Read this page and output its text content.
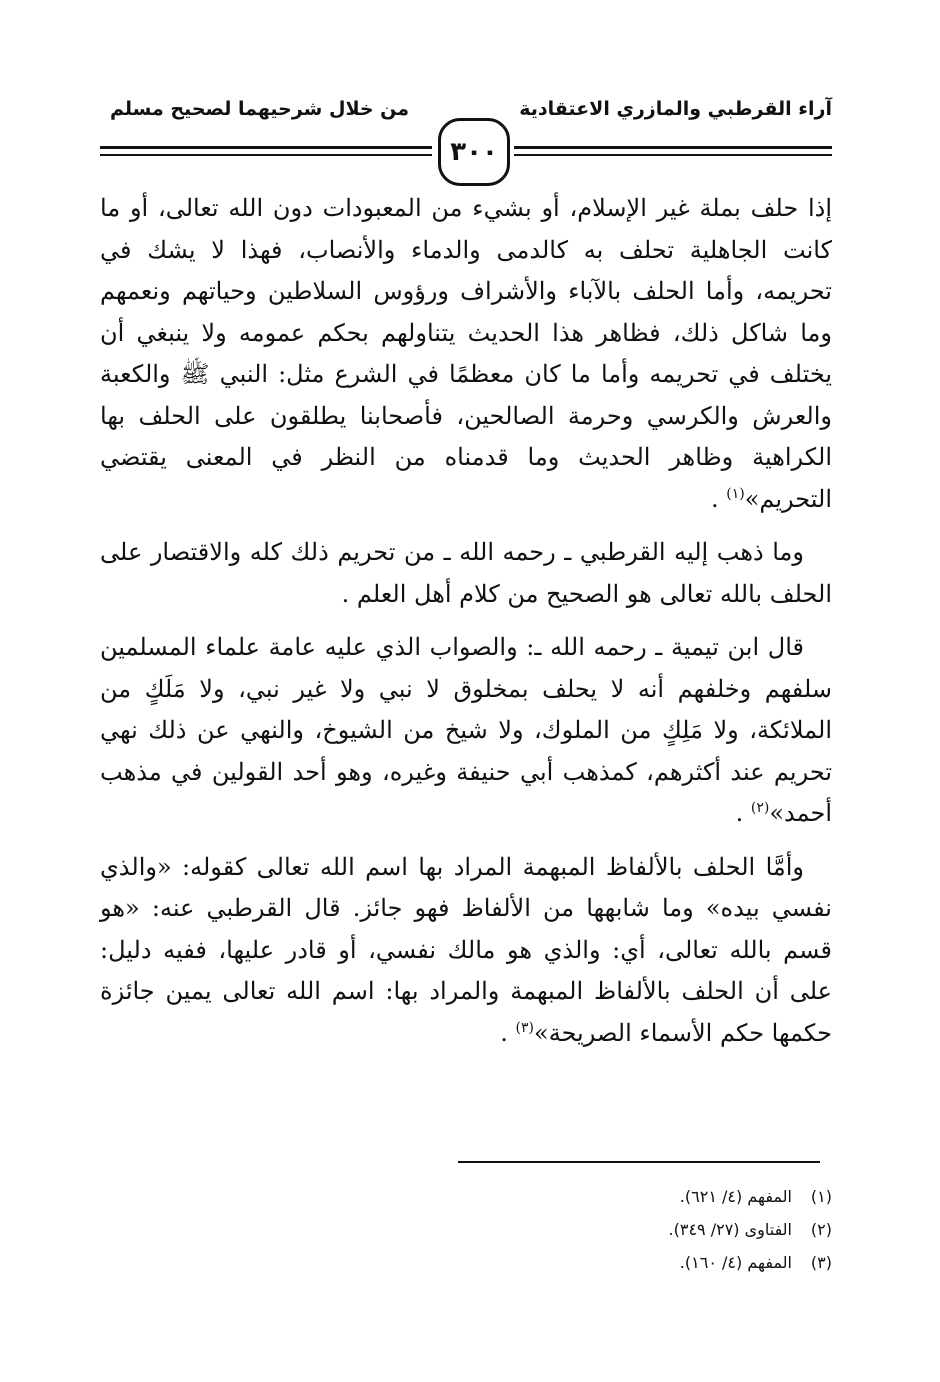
آراء القرطبي والمازري الاعتقادية
من خلال شرحيهما لصحيح مسلم
٣٠٠

إذا حلف بملة غير الإسلام، أو بشيء من المعبودات دون الله تعالى، أو ما كانت الجاهلية تحلف به كالدمى والدماء والأنصاب، فهذا لا يشك في تحريمه، وأما الحلف بالآباء والأشراف ورؤوس السلاطين وحياتهم ونعمهم وما شاكل ذلك، فظاهر هذا الحديث يتناولهم بحكم عمومه ولا ينبغي أن يختلف في تحريمه وأما ما كان معظمًا في الشرع مثل: النبي ﷺ والكعبة والعرش والكرسي وحرمة الصالحين، فأصحابنا يطلقون على الحلف بها الكراهية وظاهر الحديث وما قدمناه من النظر في المعنى يقتضي التحريم»$^{(١)}$ .

وما ذهب إليه القرطبي ـ رحمه الله ـ من تحريم ذلك كله والاقتصار على الحلف بالله تعالى هو الصحيح من كلام أهل العلم .

قال ابن تيمية ـ رحمه الله ـ: والصواب الذي عليه عامة علماء المسلمين سلفهم وخلفهم أنه لا يحلف بمخلوق لا نبي ولا غير نبي، ولا مَلَكٍ من الملائكة، ولا مَلِكٍ من الملوك، ولا شيخ من الشيوخ، والنهي عن ذلك نهي تحريم عند أكثرهم، كمذهب أبي حنيفة وغيره، وهو أحد القولين في مذهب أحمد»$^{(٢)}$ .

وأمَّا الحلف بالألفاظ المبهمة المراد بها اسم الله تعالى كقوله: «والذي نفسي بيده» وما شابهها من الألفاظ فهو جائز. قال القرطبي عنه: «هو قسم بالله تعالى، أي: والذي هو مالك نفسي، أو قادر عليها، ففيه دليل: على أن الحلف بالألفاظ المبهمة والمراد بها: اسم الله تعالى يمين جائزة حكمها حكم الأسماء الصريحة»$^{(٣)}$ .

(١)المفهم (٤/ ٦٢١).
(٢)الفتاوى (٢٧/ ٣٤٩).
(٣)المفهم (٤/ ١٦٠).
